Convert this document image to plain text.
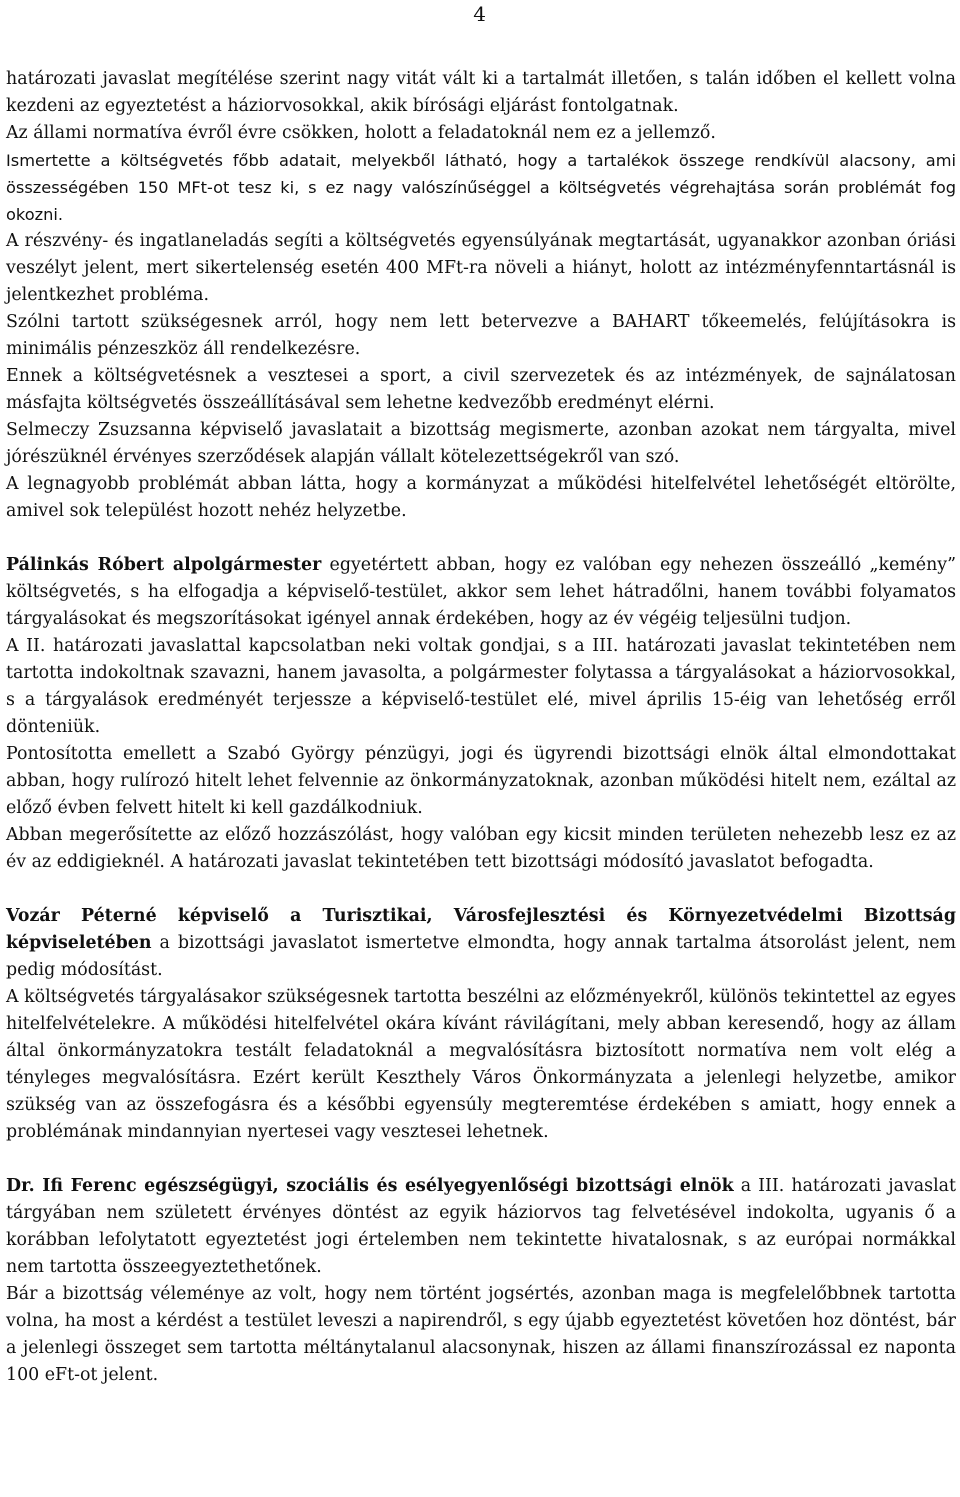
4

határozati javaslat megítélése szerint nagy vitát vált ki a tartalmát illetően, s talán időben el kellett volna kezdeni az egyeztetést a háziorvosokkal, akik bírósági eljárást fontolgatnak.

Az állami normatíva évről évre csökken, holott a feladatoknál nem ez a jellemző.

Ismertette a költségvetés főbb adatait, melyekből látható, hogy a tartalékok összege rendkívül alacsony, ami összességében 150 MFt-ot tesz ki, s ez nagy valószínűséggel a költségvetés végrehajtása során problémát fog okozni.

A részvény- és ingatlaneladás segíti a költségvetés egyensúlyának megtartását, ugyanakkor azonban óriási veszélyt jelent, mert sikertelenség esetén 400 MFt-ra növeli a hiányt, holott az intézményfenntartásnál is jelentkezhet probléma.

Szólni tartott szükségesnek arról, hogy nem lett betervezve a BAHART tőkeemelés, felújításokra is minimális pénzeszköz áll rendelkezésre.

Ennek a költségvetésnek a vesztesei a sport, a civil szervezetek és az intézmények, de sajnálatosan másfajta költségvetés összeállításával sem lehetne kedvezőbb eredményt elérni.

Selmeczy Zsuzsanna képviselő javaslatait a bizottság megismerte, azonban azokat nem tárgyalta, mivel jórészüknél érvényes szerződések alapján vállalt kötelezettségekről van szó.

A legnagyobb problémát abban látta, hogy a kormányzat a működési hitelfelvétel lehetőségét eltörölte, amivel sok települést hozott nehéz helyzetbe.

Pálinkás Róbert alpolgármester egyetértett abban, hogy ez valóban egy nehezen összeálló „kemény” költségvetés, s ha elfogadja a képviselő-testület, akkor sem lehet hátradőlni, hanem további folyamatos tárgyalásokat és megszorításokat igényel annak érdekében, hogy az év végéig teljesülni tudjon.

A II. határozati javaslattal kapcsolatban neki voltak gondjai, s a III. határozati javaslat tekintetében nem tartotta indokoltnak szavazni, hanem javasolta, a polgármester folytassa a tárgyalásokat a háziorvosokkal, s a tárgyalások eredményét terjessze a képviselő-testület elé, mivel április 15-éig van lehetőség erről dönteniük.

Pontosította emellett a Szabó György pénzügyi, jogi és ügyrendi bizottsági elnök által elmondottakat abban, hogy rulírozó hitelt lehet felvennie az önkormányzatoknak, azonban működési hitelt nem, ezáltal az előző évben felvett hitelt ki kell gazdálkodniuk.

Abban megerősítette az előző hozzászólást, hogy valóban egy kicsit minden területen nehezebb lesz ez az év az eddigieknél. A határozati javaslat tekintetében tett bizottsági módosító javaslatot befogadta.

Vozár Péterné képviselő a Turisztikai, Városfejlesztési és Környezetvédelmi Bizottság képviseletében a bizottsági javaslatot ismertetve elmondta, hogy annak tartalma átsorolást jelent, nem pedig módosítást.

A költségvetés tárgyalásakor szükségesnek tartotta beszélni az előzményekről, különös tekintettel az egyes hitelfelvételekre. A működési hitelfelvétel okára kívánt rávilágítani, mely abban keresendő, hogy az állam által önkormányzatokra testált feladatoknál a megvalósításra biztosított normatíva nem volt elég a tényleges megvalósításra. Ezért került Keszthely Város Önkormányzata a jelenlegi helyzetbe, amikor szükség van az összefogásra és a későbbi egyensúly megteremtése érdekében s amiatt, hogy ennek a problémának mindannyian nyertesei vagy vesztesei lehetnek.

Dr. Ifi Ferenc egészségügyi, szociális és esélyegyenlőségi bizottsági elnök a III. határozati javaslat tárgyában nem született érvényes döntést az egyik háziorvos tag felvetésével indokolta, ugyanis ő a korábban lefolytatott egyeztetést jogi értelemben nem tekintette hivatalosnak, s az európai normákkal nem tartotta összeegyeztethetőnek.

Bár a bizottság véleménye az volt, hogy nem történt jogsértés, azonban maga is megfelelőbbnek tartotta volna, ha most a kérdést a testület leveszi a napirendről, s egy újabb egyeztetést követően hoz döntést, bár a jelenlegi összeget sem tartotta méltánytalanul alacsonynak, hiszen az állami finanszírozással ez naponta 100 eFt-ot jelent.
